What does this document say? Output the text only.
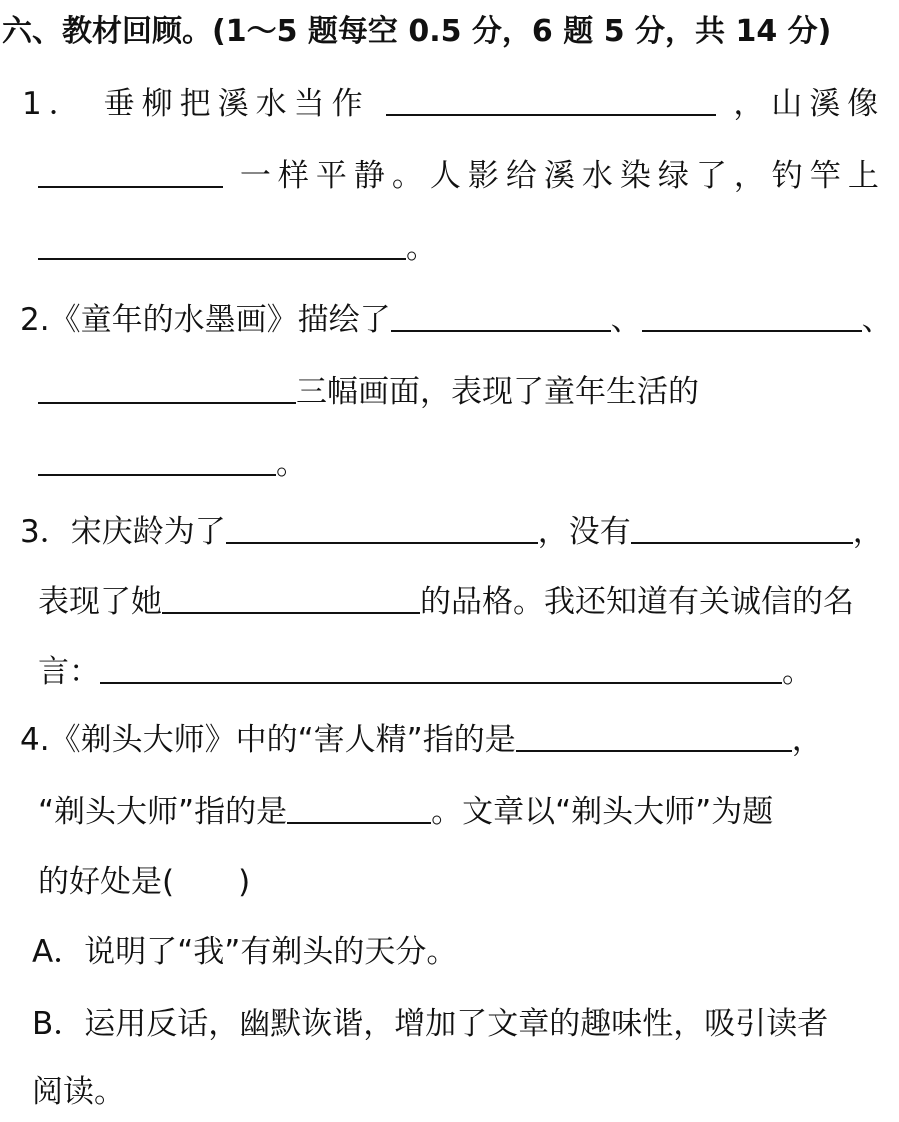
六、教材回顾。(1～5 题每空 0.5 分，6 题 5 分，共 14 分)
1． 垂柳把溪水当作	，山溪像
一样平静。人影给溪水染绿了，钓竿上
。
2.《童年的水墨画》描绘了	、	、
三幅画面，表现了童年生活的
。
3．宋庆龄为了	，没有	，
表现了她	的品格。我还知道有关诚信的名
言：	。
4.《剃头大师》中的“害人精”指的是	，
“剃头大师”指的是	。文章以“剃头大师”为题
的好处是( )
A．说明了“我”有剃头的天分。
B．运用反话，幽默诙谐，增加了文章的趣味性，吸引读者
阅读。
